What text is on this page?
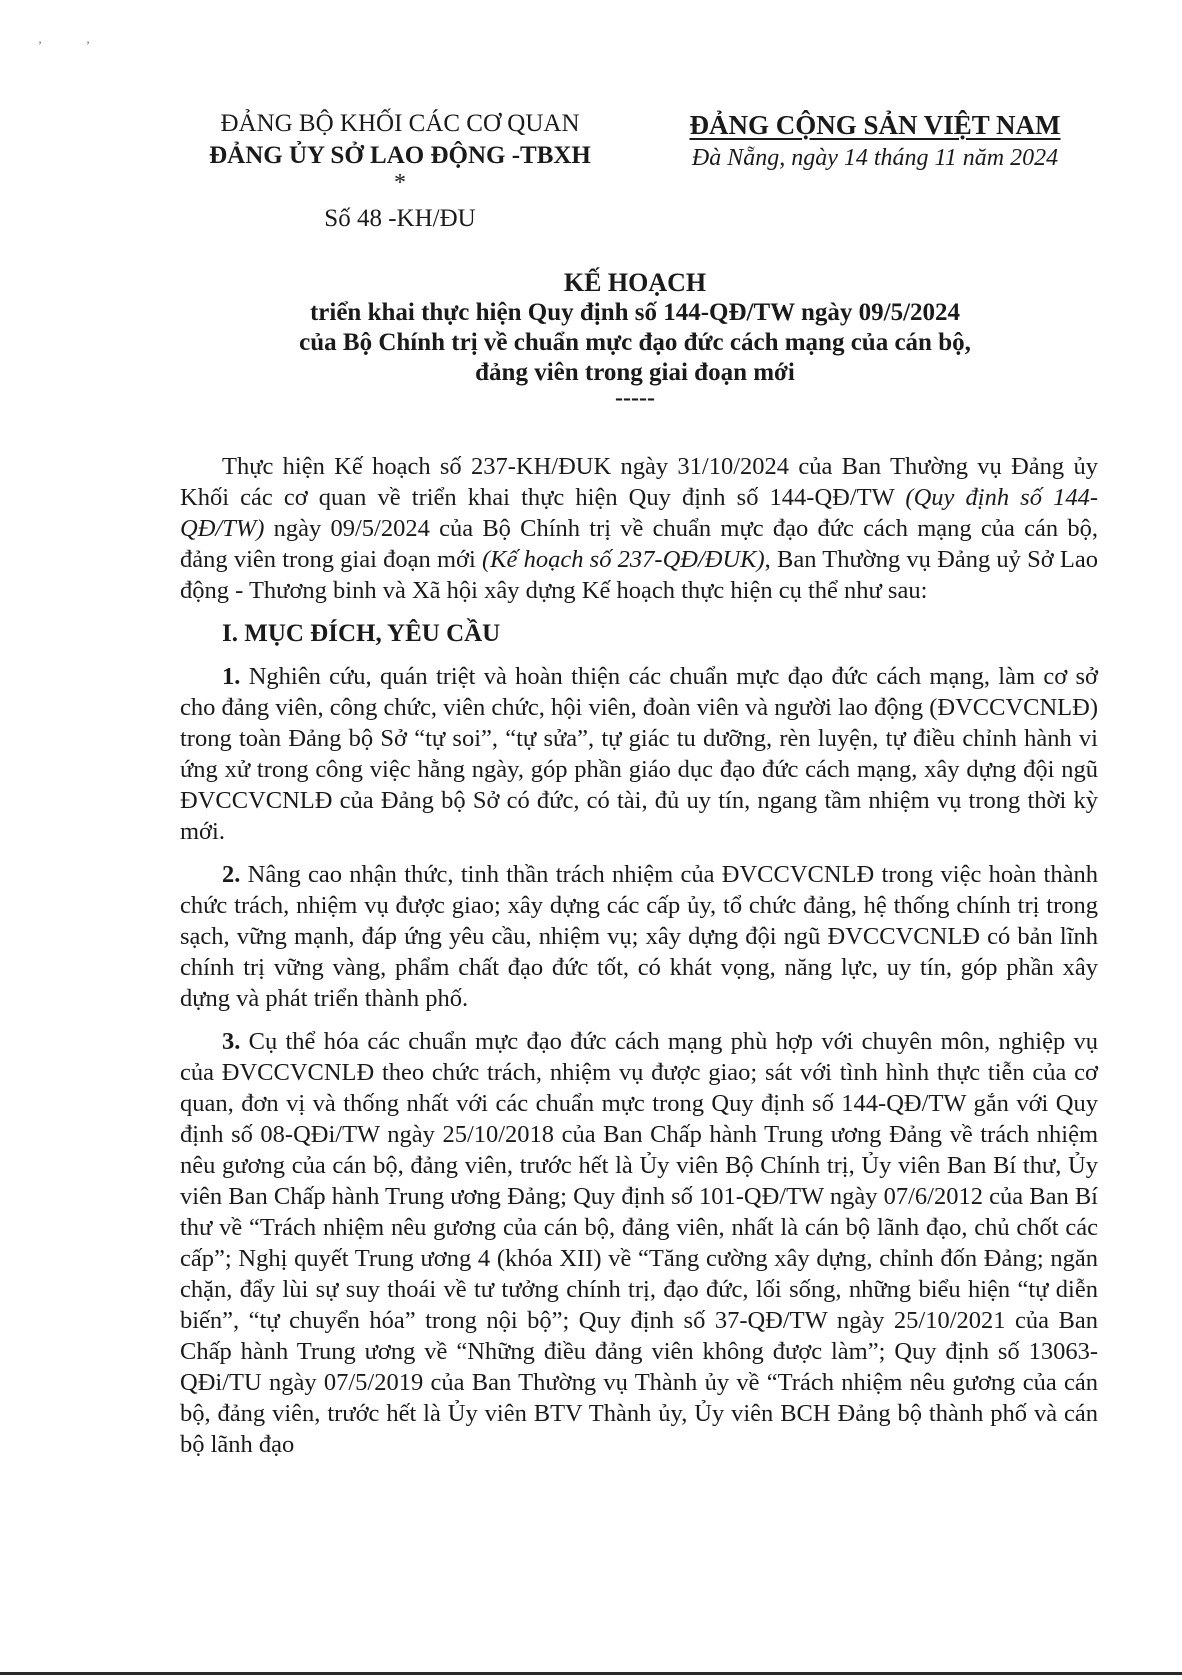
’	’
ĐẢNG BỘ KHỐI CÁC CƠ QUAN
ĐẢNG ỦY SỞ LAO ĐỘNG -TBXH
*
Số 48 -KH/ĐU
ĐẢNG CỘNG SẢN VIỆT NAM
Đà Nẵng, ngày 14 tháng 11 năm 2024
KẾ HOẠCH
triển khai thực hiện Quy định số 144-QĐ/TW ngày 09/5/2024
của Bộ Chính trị về chuẩn mực đạo đức cách mạng của cán bộ,
đảng viên trong giai đoạn mới
-----

Thực hiện Kế hoạch số 237-KH/ĐUK ngày 31/10/2024 của Ban Thường vụ Đảng ủy Khối các cơ quan về triển khai thực hiện Quy định số 144-QĐ/TW (Quy định số 144-QĐ/TW) ngày 09/5/2024 của Bộ Chính trị về chuẩn mực đạo đức cách mạng của cán bộ, đảng viên trong giai đoạn mới (Kế hoạch số 237-QĐ/ĐUK), Ban Thường vụ Đảng uỷ Sở Lao động - Thương binh và Xã hội xây dựng Kế hoạch thực hiện cụ thể như sau:

I. MỤC ĐÍCH, YÊU CẦU

1. Nghiên cứu, quán triệt và hoàn thiện các chuẩn mực đạo đức cách mạng, làm cơ sở cho đảng viên, công chức, viên chức, hội viên, đoàn viên và người lao động (ĐVCCVCNLĐ) trong toàn Đảng bộ Sở “tự soi”, “tự sửa”, tự giác tu dưỡng, rèn luyện, tự điều chỉnh hành vi ứng xử trong công việc hằng ngày, góp phần giáo dục đạo đức cách mạng, xây dựng đội ngũ ĐVCCVCNLĐ của Đảng bộ Sở có đức, có tài, đủ uy tín, ngang tầm nhiệm vụ trong thời kỳ mới.

2. Nâng cao nhận thức, tinh thần trách nhiệm của ĐVCCVCNLĐ trong việc hoàn thành chức trách, nhiệm vụ được giao; xây dựng các cấp ủy, tổ chức đảng, hệ thống chính trị trong sạch, vững mạnh, đáp ứng yêu cầu, nhiệm vụ; xây dựng đội ngũ ĐVCCVCNLĐ có bản lĩnh chính trị vững vàng, phẩm chất đạo đức tốt, có khát vọng, năng lực, uy tín, góp phần xây dựng và phát triển thành phố.

3. Cụ thể hóa các chuẩn mực đạo đức cách mạng phù hợp với chuyên môn, nghiệp vụ của ĐVCCVCNLĐ theo chức trách, nhiệm vụ được giao; sát với tình hình thực tiễn của cơ quan, đơn vị và thống nhất với các chuẩn mực trong Quy định số 144-QĐ/TW gắn với Quy định số 08-QĐi/TW ngày 25/10/2018 của Ban Chấp hành Trung ương Đảng về trách nhiệm nêu gương của cán bộ, đảng viên, trước hết là Ủy viên Bộ Chính trị, Ủy viên Ban Bí thư, Ủy viên Ban Chấp hành Trung ương Đảng; Quy định số 101-QĐ/TW ngày 07/6/2012 của Ban Bí thư về “Trách nhiệm nêu gương của cán bộ, đảng viên, nhất là cán bộ lãnh đạo, chủ chốt các cấp”; Nghị quyết Trung ương 4 (khóa XII) về “Tăng cường xây dựng, chỉnh đốn Đảng; ngăn chặn, đẩy lùi sự suy thoái về tư tưởng chính trị, đạo đức, lối sống, những biểu hiện “tự diễn biến”, “tự chuyển hóa” trong nội bộ”; Quy định số 37-QĐ/TW ngày 25/10/2021 của Ban Chấp hành Trung ương về “Những điều đảng viên không được làm”; Quy định số 13063-QĐi/TU ngày 07/5/2019 của Ban Thường vụ Thành ủy về “Trách nhiệm nêu gương của cán bộ, đảng viên, trước hết là Ủy viên BTV Thành ủy, Ủy viên BCH Đảng bộ thành phố và cán bộ lãnh đạo
